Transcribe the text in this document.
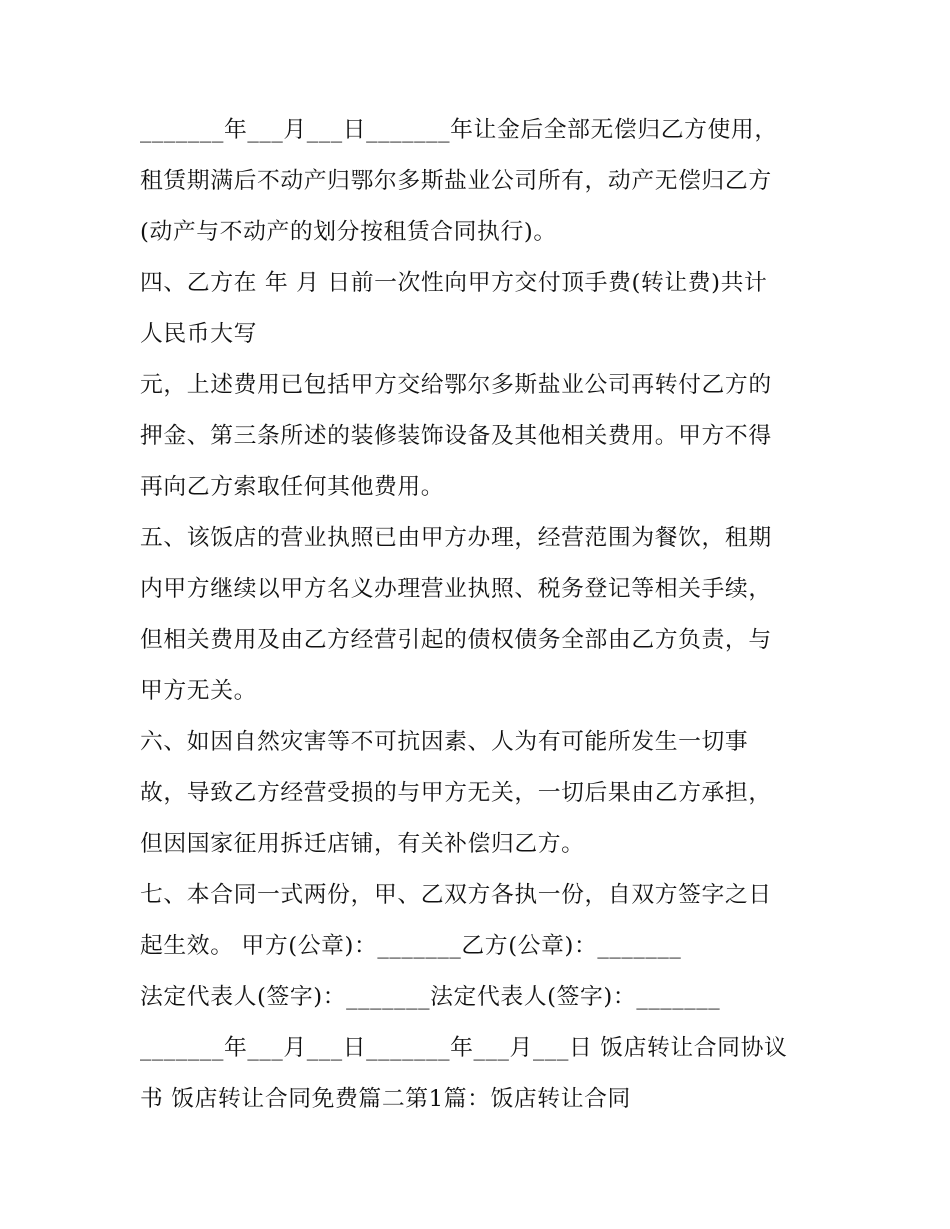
_______年___月___日_______年让金后全部无偿归乙方使用，
租赁期满后不动产归鄂尔多斯盐业公司所有，动产无偿归乙方
(动产与不动产的划分按租赁合同执行)。
四、乙方在 年 月 日前一次性向甲方交付顶手费(转让费)共计
人民币大写
元，上述费用已包括甲方交给鄂尔多斯盐业公司再转付乙方的
押金、第三条所述的装修装饰设备及其他相关费用。甲方不得
再向乙方索取任何其他费用。
五、该饭店的营业执照已由甲方办理，经营范围为餐饮，租期
内甲方继续以甲方名义办理营业执照、税务登记等相关手续，
但相关费用及由乙方经营引起的债权债务全部由乙方负责，与
甲方无关。
六、如因自然灾害等不可抗因素、人为有可能所发生一切事
故，导致乙方经营受损的与甲方无关，一切后果由乙方承担，
但因国家征用拆迁店铺，有关补偿归乙方。
七、本合同一式两份，甲、乙双方各执一份，自双方签字之日
起生效。 甲方(公章)：_______乙方(公章)：_______
法定代表人(签字)：_______法定代表人(签字)：_______
_______年___月___日_______年___月___日 饭店转让合同协议
书 饭店转让合同免费篇二第1篇：饭店转让合同
